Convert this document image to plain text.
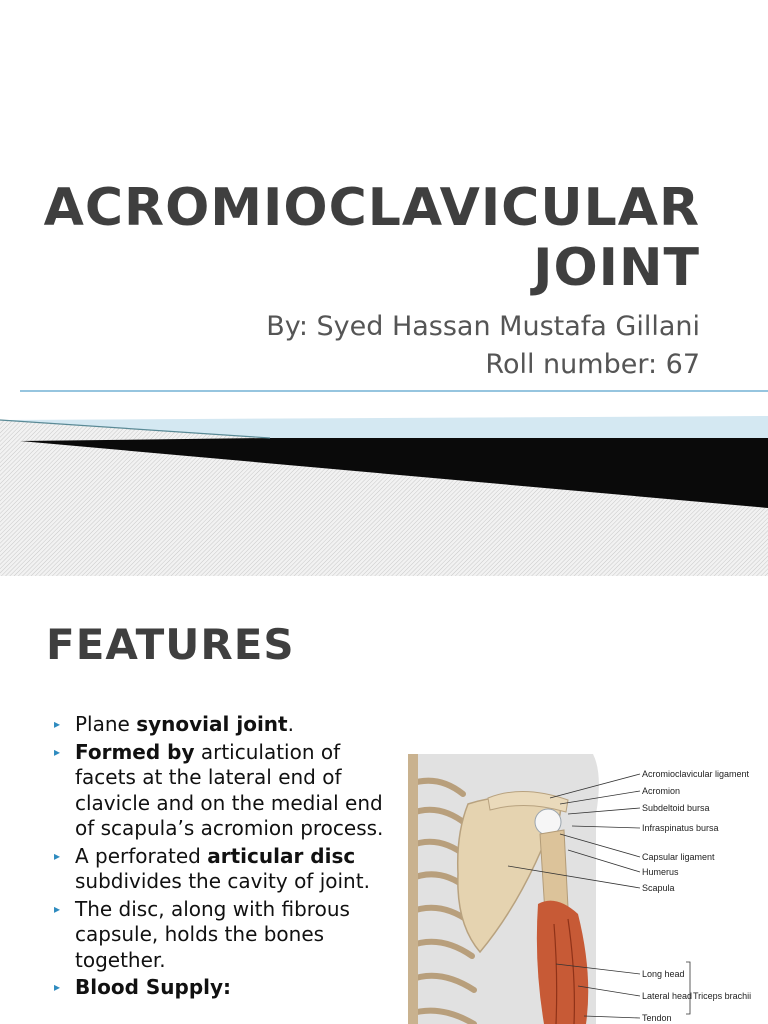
ACROMIOCLAVICULAR
JOINT
By: Syed Hassan Mustafa Gillani
Roll number: 67
FEATURES
▸ Plane synovial joint.
▸ Formed by articulation of facets at the lateral end of clavicle and on the medial end of scapula’s acromion process.
▸ A perforated articular disc subdivides the cavity of joint.
▸ The disc, along with fibrous capsule, holds the bones together.
▸ Blood Supply:
Acromioclavicular ligament
Acromion
Subdeltoid bursa
Infraspinatus bursa
Capsular ligament
Humerus
Scapula
Long head
Lateral head
Tendon
Triceps brachii
